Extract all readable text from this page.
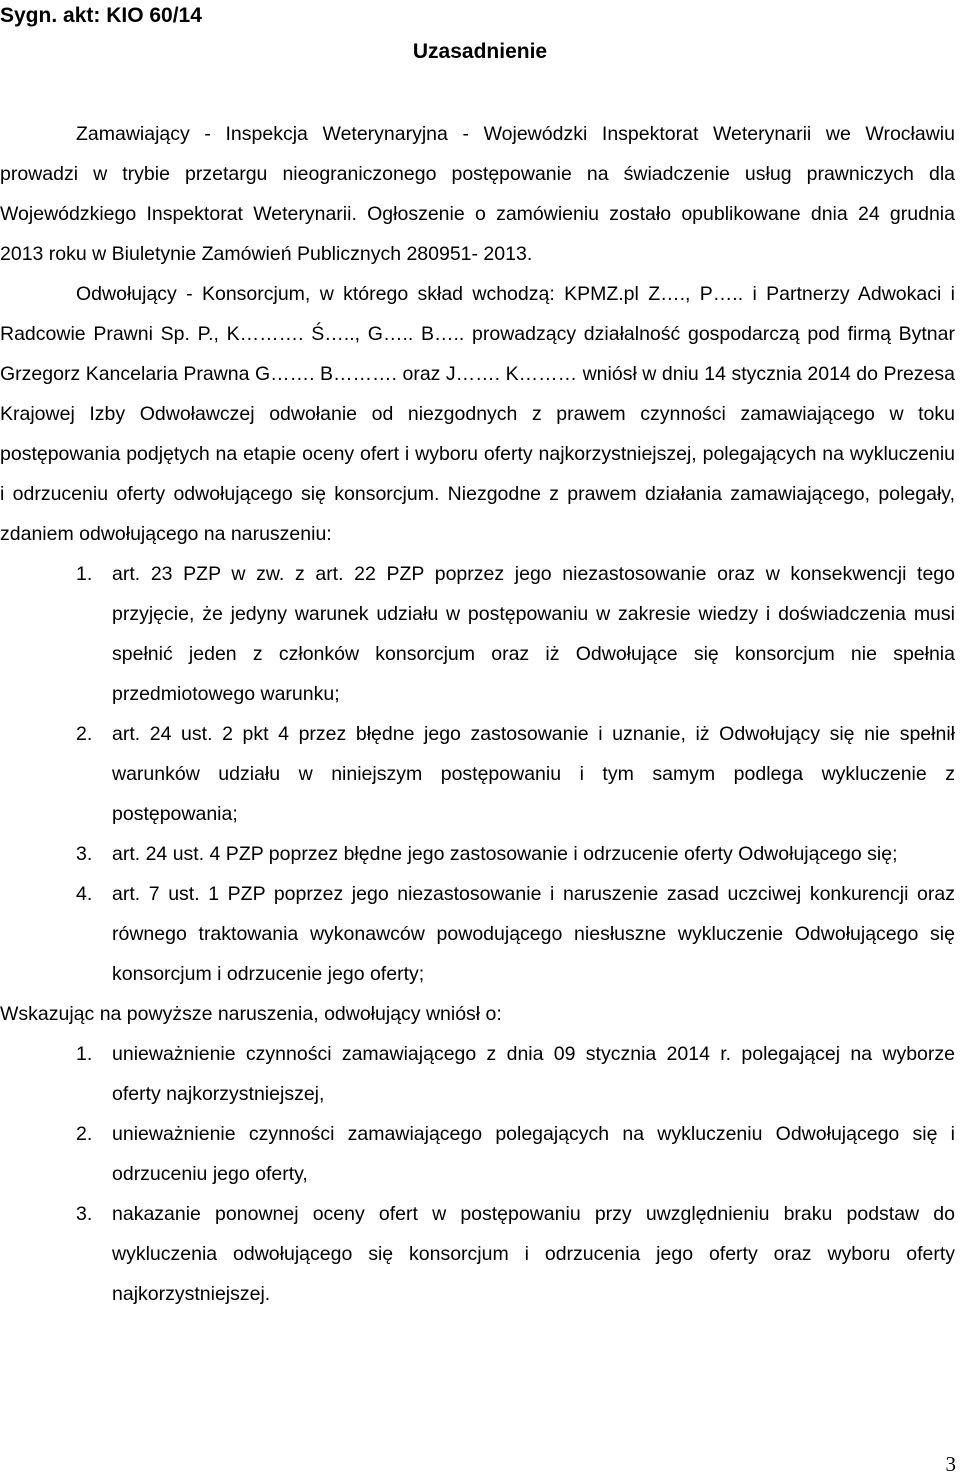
Sygn. akt: KIO 60/14
Uzasadnienie

Zamawiający - Inspekcja Weterynaryjna - Wojewódzki Inspektorat Weterynarii we Wrocławiu prowadzi w trybie przetargu nieograniczonego postępowanie na świadczenie usług prawniczych dla Wojewódzkiego Inspektorat Weterynarii. Ogłoszenie o zamówieniu zostało opublikowane dnia 24 grudnia 2013 roku w Biuletynie Zamówień Publicznych 280951- 2013.

Odwołujący - Konsorcjum, w którego skład wchodzą: KPMZ.pl Z…., P….. i Partnerzy Adwokaci i Radcowie Prawni Sp. P., K………. Ś….., G….. B….. prowadzący działalność gospodarczą pod firmą Bytnar Grzegorz Kancelaria Prawna G……. B………. oraz J……. K……… wniósł w dniu 14 stycznia 2014 do Prezesa Krajowej Izby Odwoławczej odwołanie od niezgodnych z prawem czynności zamawiającego w toku postępowania podjętych na etapie oceny ofert i wyboru oferty najkorzystniejszej, polegających na wykluczeniu i odrzuceniu oferty odwołującego się konsorcjum. Niezgodne z prawem działania zamawiającego, polegały, zdaniem odwołującego na naruszeniu:

1. art. 23 PZP w zw. z art. 22 PZP poprzez jego niezastosowanie oraz w konsekwencji tego przyjęcie, że jedyny warunek udziału w postępowaniu w zakresie wiedzy i doświadczenia musi spełnić jeden z członków konsorcjum oraz iż Odwołujące się konsorcjum nie spełnia przedmiotowego warunku;
2. art. 24 ust. 2 pkt 4 przez błędne jego zastosowanie i uznanie, iż Odwołujący się nie spełnił warunków udziału w niniejszym postępowaniu i tym samym podlega wykluczenie z postępowania;
3. art. 24 ust. 4 PZP poprzez błędne jego zastosowanie i odrzucenie oferty Odwołującego się;
4. art. 7 ust. 1 PZP poprzez jego niezastosowanie i naruszenie zasad uczciwej konkurencji oraz równego traktowania wykonawców powodującego niesłuszne wykluczenie Odwołującego się konsorcjum i odrzucenie jego oferty;

Wskazując na powyższe naruszenia, odwołujący wniósł o:

1. unieważnienie czynności zamawiającego z dnia 09 stycznia 2014 r. polegającej na wyborze oferty najkorzystniejszej,
2. unieważnienie czynności zamawiającego polegających na wykluczeniu Odwołującego się i odrzuceniu jego oferty,
3. nakazanie ponownej oceny ofert w postępowaniu przy uwzględnieniu braku podstaw do wykluczenia odwołującego się konsorcjum i odrzucenia jego oferty oraz wyboru oferty najkorzystniejszej.
3
